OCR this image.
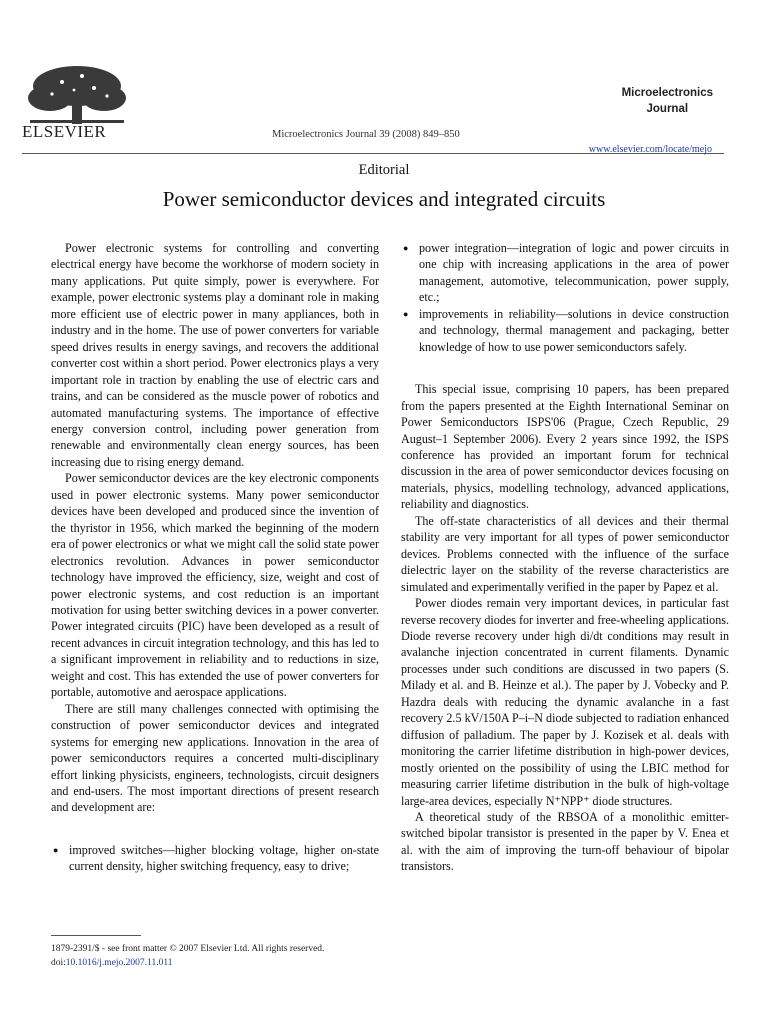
ELSEVIER	Microelectronics Journal 39 (2008) 849–850
Microelectronics
Journal
www.elsevier.com/locate/mejo
Editorial
Power semiconductor devices and integrated circuits

Power electronic systems for controlling and converting electrical energy have become the workhorse of modern society in many applications. Put quite simply, power is everywhere. For example, power electronic systems play a dominant role in making more efficient use of electric power in many appliances, both in industry and in the home. The use of power converters for variable speed drives results in energy savings, and recovers the additional converter cost within a short period. Power electronics plays a very important role in traction by enabling the use of electric cars and trains, and can be considered as the muscle power of robotics and automated manufacturing systems. The importance of effective energy conversion control, including power generation from renewable and environmentally clean energy sources, has been increasing due to rising energy demand.

Power semiconductor devices are the key electronic components used in power electronic systems. Many power semiconductor devices have been developed and produced since the invention of the thyristor in 1956, which marked the beginning of the modern era of power electronics or what we might call the solid state power electronics revolution. Advances in power semiconductor technology have improved the efficiency, size, weight and cost of power electronic systems, and cost reduction is an important motivation for using better switching devices in a power converter. Power integrated circuits (PIC) have been developed as a result of recent advances in circuit integration technology, and this has led to a significant improvement in reliability and to reductions in size, weight and cost. This has extended the use of power converters for portable, automotive and aerospace applications.

There are still many challenges connected with optimising the construction of power semiconductor devices and integrated systems for emerging new applications. Innovation in the area of power semiconductors requires a concerted multi-disciplinary effort linking physicists, engineers, technologists, circuit designers and end-users. The most important directions of present research and development are:

● improved switches—higher blocking voltage, higher on-state current density, higher switching frequency, easy to drive;
● power integration—integration of logic and power circuits in one chip with increasing applications in the area of power management, automotive, telecommunication, power supply, etc.;
● improvements in reliability—solutions in device construction and technology, thermal management and packaging, better knowledge of how to use power semiconductors safely.

This special issue, comprising 10 papers, has been prepared from the papers presented at the Eighth International Seminar on Power Semiconductors ISPS'06 (Prague, Czech Republic, 29 August–1 September 2006). Every 2 years since 1992, the ISPS conference has provided an important forum for technical discussion in the area of power semiconductor devices focusing on materials, physics, modelling technology, advanced applications, reliability and diagnostics.

The off-state characteristics of all devices and their thermal stability are very important for all types of power semiconductor devices. Problems connected with the influence of the surface dielectric layer on the stability of the reverse characteristics are simulated and experimentally verified in the paper by Papez et al.

Power diodes remain very important devices, in particular fast reverse recovery diodes for inverter and free-wheeling applications. Diode reverse recovery under high di/dt conditions may result in avalanche injection concentrated in current filaments. Dynamic processes under such conditions are discussed in two papers (S. Milady et al. and B. Heinze et al.). The paper by J. Vobecky and P. Hazdra deals with reducing the dynamic avalanche in a fast recovery 2.5 kV/150A P–i–N diode subjected to radiation enhanced diffusion of palladium. The paper by J. Kozisek et al. deals with monitoring the carrier lifetime distribution in high-power devices, mostly oriented on the possibility of using the LBIC method for measuring carrier lifetime distribution in the bulk of high-voltage large-area devices, especially N⁺NPP⁺ diode structures.

A theoretical study of the RBSOA of a monolithic emitter-switched bipolar transistor is presented in the paper by V. Enea et al. with the aim of improving the turn-off behaviour of bipolar transistors.

1879-2391/$ - see front matter © 2007 Elsevier Ltd. All rights reserved.
doi:10.1016/j.mejo.2007.11.011
